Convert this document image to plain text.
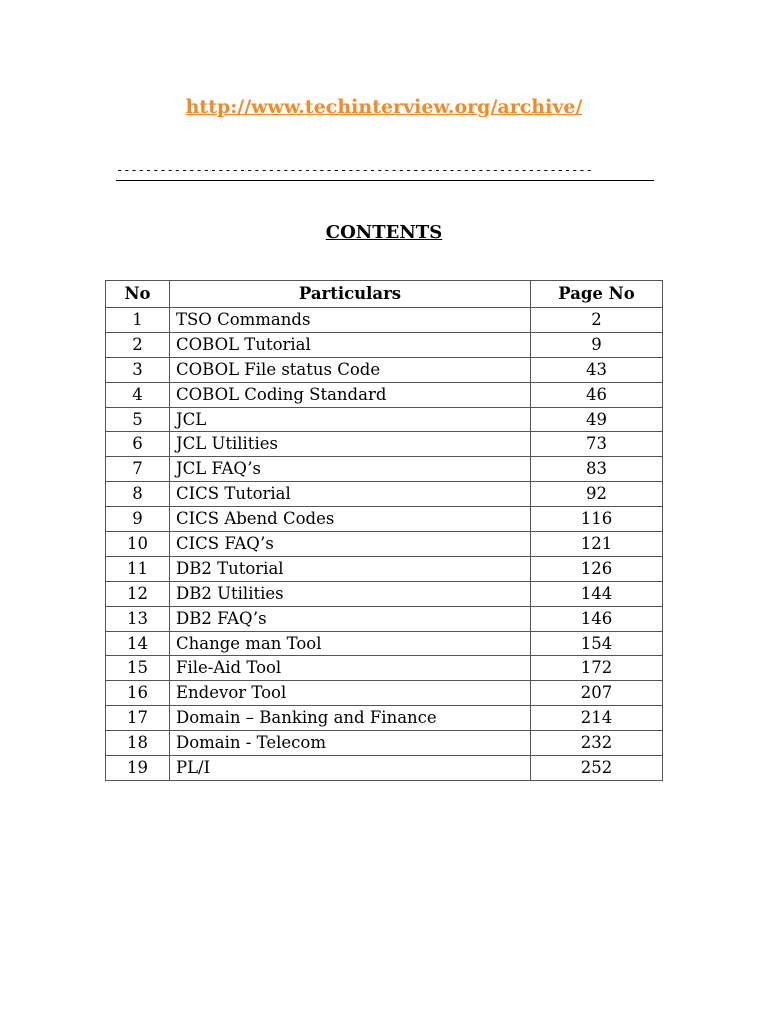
http://www.techinterview.org/archive/
------------------------------------------------------------------
CONTENTS
No	Particulars	Page No
1	TSO Commands	2
2	COBOL Tutorial	9
3	COBOL File status Code	43
4	COBOL Coding Standard	46
5	JCL	49
6	JCL Utilities	73
7	JCL FAQ’s	83
8	CICS Tutorial	92
9	CICS Abend Codes	116
10	CICS FAQ’s	121
11	DB2 Tutorial	126
12	DB2 Utilities	144
13	DB2 FAQ’s	146
14	Change man Tool	154
15	File-Aid Tool	172
16	Endevor Tool	207
17	Domain – Banking and Finance	214
18	Domain - Telecom	232
19	PL/I	252
